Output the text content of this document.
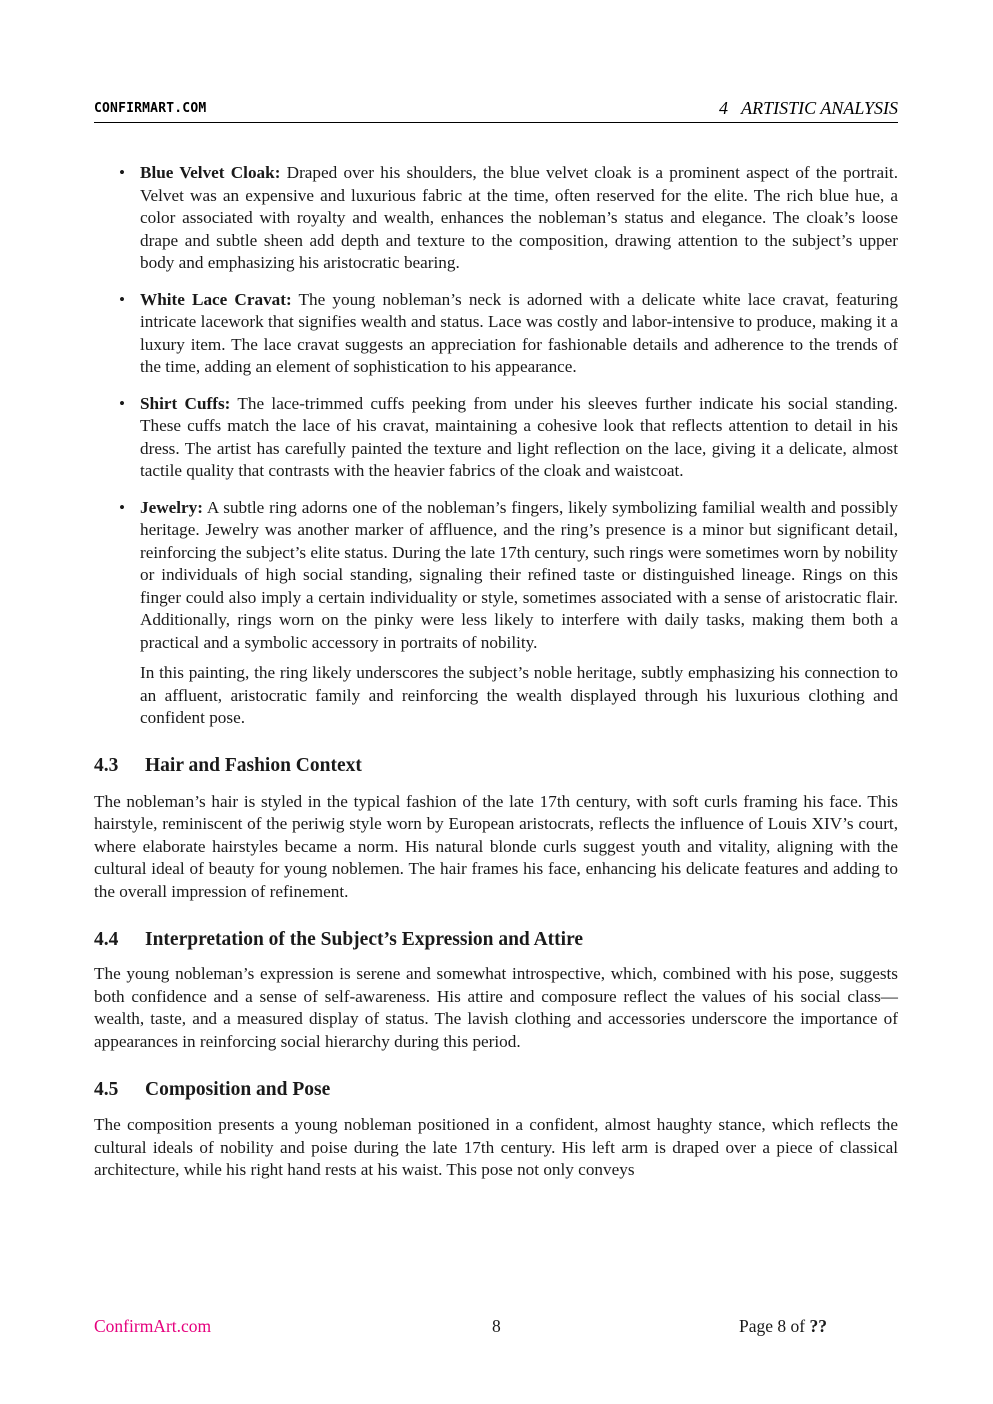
CONFIRMART.COM	4   ARTISTIC ANALYSIS
• Blue Velvet Cloak: Draped over his shoulders, the blue velvet cloak is a prominent aspect of the portrait. Velvet was an expensive and luxurious fabric at the time, often reserved for the elite. The rich blue hue, a color associated with royalty and wealth, enhances the nobleman’s status and elegance. The cloak’s loose drape and subtle sheen add depth and texture to the composition, drawing attention to the subject’s upper body and emphasizing his aristocratic bearing.
• White Lace Cravat: The young nobleman’s neck is adorned with a delicate white lace cravat, featuring intricate lacework that signifies wealth and status. Lace was costly and labor-intensive to produce, making it a luxury item. The lace cravat suggests an appreciation for fashionable details and adherence to the trends of the time, adding an element of sophistication to his appearance.
• Shirt Cuffs: The lace-trimmed cuffs peeking from under his sleeves further indicate his social standing. These cuffs match the lace of his cravat, maintaining a cohesive look that reflects attention to detail in his dress. The artist has carefully painted the texture and light reflection on the lace, giving it a delicate, almost tactile quality that contrasts with the heavier fabrics of the cloak and waistcoat.
• Jewelry: A subtle ring adorns one of the nobleman’s fingers, likely symbolizing familial wealth and possibly heritage. Jewelry was another marker of affluence, and the ring’s presence is a minor but significant detail, reinforcing the subject’s elite status. During the late 17th century, such rings were sometimes worn by nobility or individuals of high social standing, signaling their refined taste or distinguished lineage. Rings on this finger could also imply a certain individuality or style, sometimes associated with a sense of aristocratic flair. Additionally, rings worn on the pinky were less likely to interfere with daily tasks, making them both a practical and a symbolic accessory in portraits of nobility.

In this painting, the ring likely underscores the subject’s noble heritage, subtly emphasizing his connection to an affluent, aristocratic family and reinforcing the wealth displayed through his luxurious clothing and confident pose.

4.3 Hair and Fashion Context

The nobleman’s hair is styled in the typical fashion of the late 17th century, with soft curls framing his face. This hairstyle, reminiscent of the periwig style worn by European aristocrats, reflects the influence of Louis XIV’s court, where elaborate hairstyles became a norm. His natural blonde curls suggest youth and vitality, aligning with the cultural ideal of beauty for young noblemen. The hair frames his face, enhancing his delicate features and adding to the overall impression of refinement.

4.4 Interpretation of the Subject’s Expression and Attire

The young nobleman’s expression is serene and somewhat introspective, which, combined with his pose, suggests both confidence and a sense of self-awareness. His attire and composure reflect the values of his social class—wealth, taste, and a measured display of status. The lavish clothing and accessories underscore the importance of appearances in reinforcing social hierarchy during this period.

4.5 Composition and Pose

The composition presents a young nobleman positioned in a confident, almost haughty stance, which reflects the cultural ideals of nobility and poise during the late 17th century. His left arm is draped over a piece of classical architecture, while his right hand rests at his waist. This pose not only conveys

ConfirmArt.com	8	Page 8 of ??
